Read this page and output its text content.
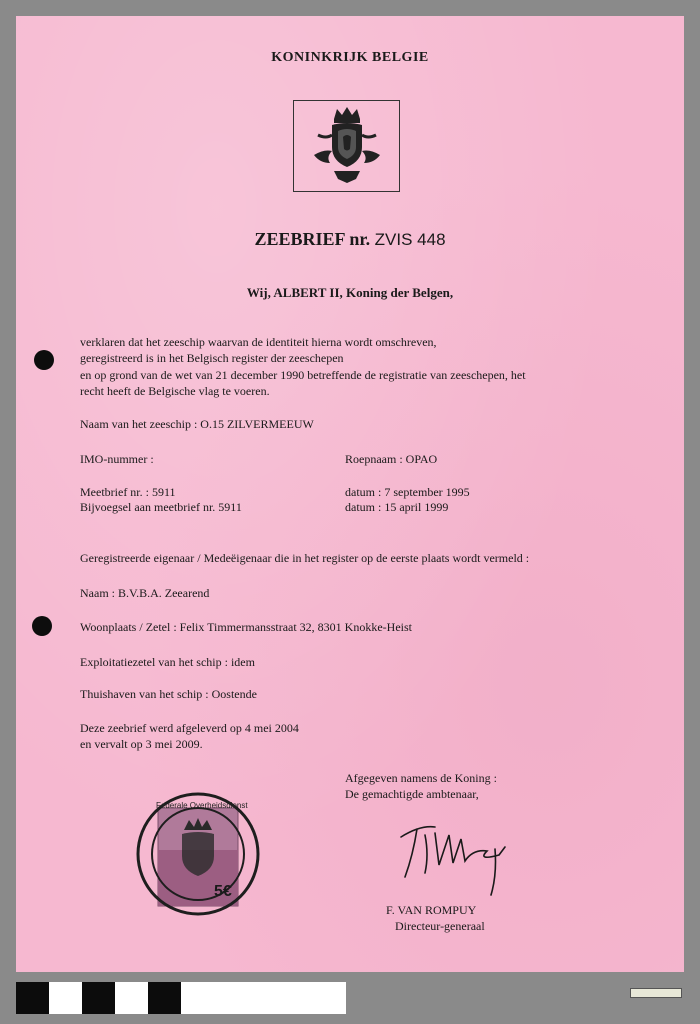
KONINKRIJK BELGIE
ZEEBRIEF nr. ZVIS 448
Wij, ALBERT II, Koning der Belgen,
verklaren dat het zeeschip waarvan de identiteit hierna wordt omschreven,
geregistreerd is in het Belgisch register der zeeschepen
en op grond van de wet van 21 december 1990 betreffende de registratie van zeeschepen, het
recht heeft de Belgische vlag te voeren.
Naam van het zeeschip : O.15 ZILVERMEEUW
IMO-nummer :	Roepnaam : OPAO
Meetbrief nr. : 5911	datum : 7 september 1995
Bijvoegsel aan meetbrief nr. 5911	datum : 15 april 1999
Geregistreerde eigenaar / Medeëigenaar die in het register op de eerste plaats wordt vermeld :
Naam : B.V.B.A. Zeearend
Woonplaats / Zetel : Felix Timmermansstraat 32, 8301 Knokke-Heist
Exploitatiezetel van het schip : idem
Thuishaven van het schip : Oostende
Deze zeebrief werd afgeleverd op 4 mei 2004
en vervalt op 3 mei 2009.
Afgegeven namens de Koning :
De gemachtigde ambtenaar,
Federale Overheidsdienst
5€
F. VAN ROMPUY
Directeur-generaal
